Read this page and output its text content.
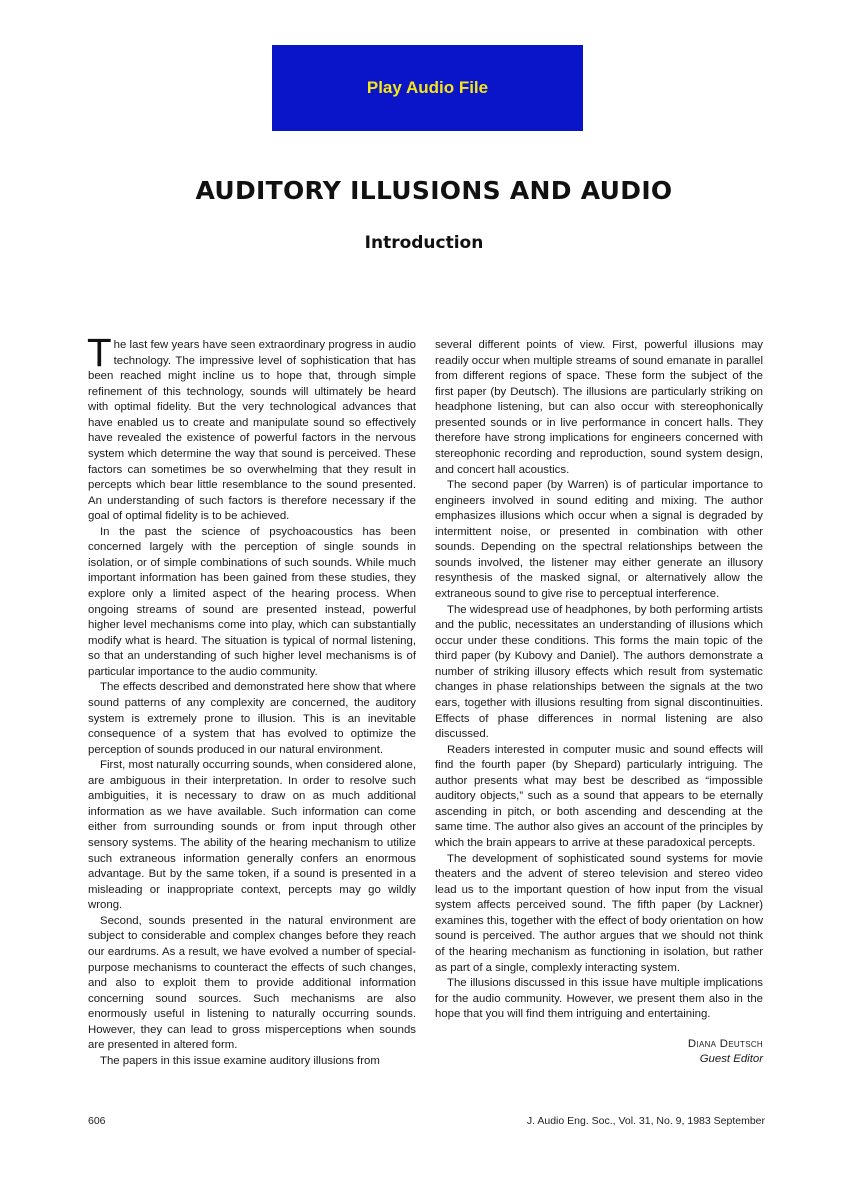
Play Audio File
AUDITORY ILLUSIONS AND AUDIO
Introduction

The last few years have seen extraordinary progress in audio technology. The impressive level of sophistication that has been reached might incline us to hope that, through simple refinement of this technology, sounds will ultimately be heard with optimal fidelity. But the very technological advances that have enabled us to create and manipulate sound so effectively have revealed the existence of powerful factors in the nervous system which determine the way that sound is perceived. These factors can sometimes be so overwhelming that they result in percepts which bear little resemblance to the sound presented. An understanding of such factors is therefore necessary if the goal of optimal fidelity is to be achieved.

In the past the science of psychoacoustics has been concerned largely with the perception of single sounds in isolation, or of simple combinations of such sounds. While much important information has been gained from these studies, they explore only a limited aspect of the hearing process. When ongoing streams of sound are presented instead, powerful higher level mechanisms come into play, which can substantially modify what is heard. The situation is typical of normal listening, so that an understanding of such higher level mechanisms is of particular importance to the audio community.

The effects described and demonstrated here show that where sound patterns of any complexity are concerned, the auditory system is extremely prone to illusion. This is an inevitable consequence of a system that has evolved to optimize the perception of sounds produced in our natural environment.

First, most naturally occurring sounds, when considered alone, are ambiguous in their interpretation. In order to resolve such ambiguities, it is necessary to draw on as much additional information as we have available. Such information can come either from surrounding sounds or from input through other sensory systems. The ability of the hearing mechanism to utilize such extraneous information generally confers an enormous advantage. But by the same token, if a sound is presented in a misleading or inappropriate context, percepts may go wildly wrong.

Second, sounds presented in the natural environment are subject to considerable and complex changes before they reach our eardrums. As a result, we have evolved a number of special-purpose mechanisms to counteract the effects of such changes, and also to exploit them to provide additional information concerning sound sources. Such mechanisms are also enormously useful in listening to naturally occurring sounds. However, they can lead to gross misperceptions when sounds are presented in altered form.

The papers in this issue examine auditory illusions from

several different points of view. First, powerful illusions may readily occur when multiple streams of sound emanate in parallel from different regions of space. These form the subject of the first paper (by Deutsch). The illusions are particularly striking on headphone listening, but can also occur with stereophonically presented sounds or in live performance in concert halls. They therefore have strong implications for engineers concerned with stereophonic recording and reproduction, sound system design, and concert hall acoustics.

The second paper (by Warren) is of particular importance to engineers involved in sound editing and mixing. The author emphasizes illusions which occur when a signal is degraded by intermittent noise, or presented in combination with other sounds. Depending on the spectral relationships between the sounds involved, the listener may either generate an illusory resynthesis of the masked signal, or alternatively allow the extraneous sound to give rise to perceptual interference.

The widespread use of headphones, by both performing artists and the public, necessitates an understanding of illusions which occur under these conditions. This forms the main topic of the third paper (by Kubovy and Daniel). The authors demonstrate a number of striking illusory effects which result from systematic changes in phase relationships between the signals at the two ears, together with illusions resulting from signal discontinuities. Effects of phase differences in normal listening are also discussed.

Readers interested in computer music and sound effects will find the fourth paper (by Shepard) particularly intriguing. The author presents what may best be described as “impossible auditory objects,” such as a sound that appears to be eternally ascending in pitch, or both ascending and descending at the same time. The author also gives an account of the principles by which the brain appears to arrive at these paradoxical percepts.

The development of sophisticated sound systems for movie theaters and the advent of stereo television and stereo video lead us to the important question of how input from the visual system affects perceived sound. The fifth paper (by Lackner) examines this, together with the effect of body orientation on how sound is perceived. The author argues that we should not think of the hearing mechanism as functioning in isolation, but rather as part of a single, complexly interacting system.

The illusions discussed in this issue have multiple implications for the audio community. However, we present them also in the hope that you will find them intriguing and entertaining.

Diana Deutsch
Guest Editor
606	J. Audio Eng. Soc., Vol. 31, No. 9, 1983 September
